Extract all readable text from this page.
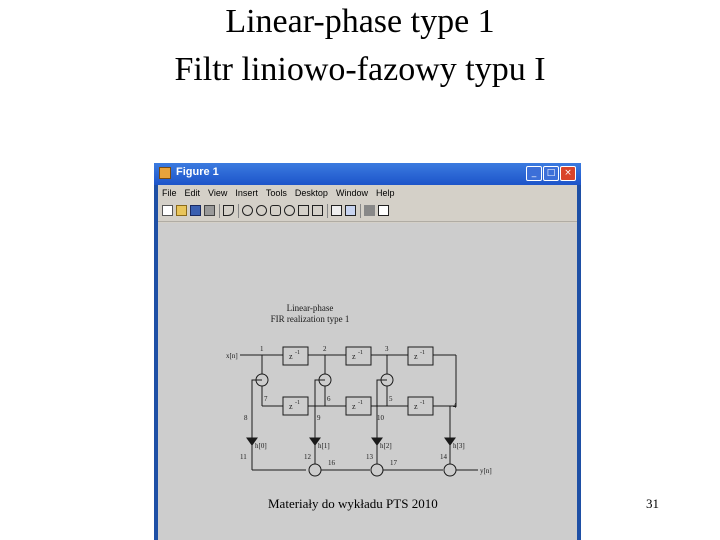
Linear-phase type 1
Filtr liniowo-fazowy typu I
Figure 1	_	□ ×
File Edit View Insert Tools Desktop Window Help
Linear-phase
FIR realization type 1
x[n]
y[n]
z -1	z -1	z -1
z -1
z -1
z -1
h[0]	h[1]	h[2]	h[3]
1	2	3
7
8	9
6
10
5
4
11	12	13	14
16	17
Materiały do wykładu PTS 2010	31
